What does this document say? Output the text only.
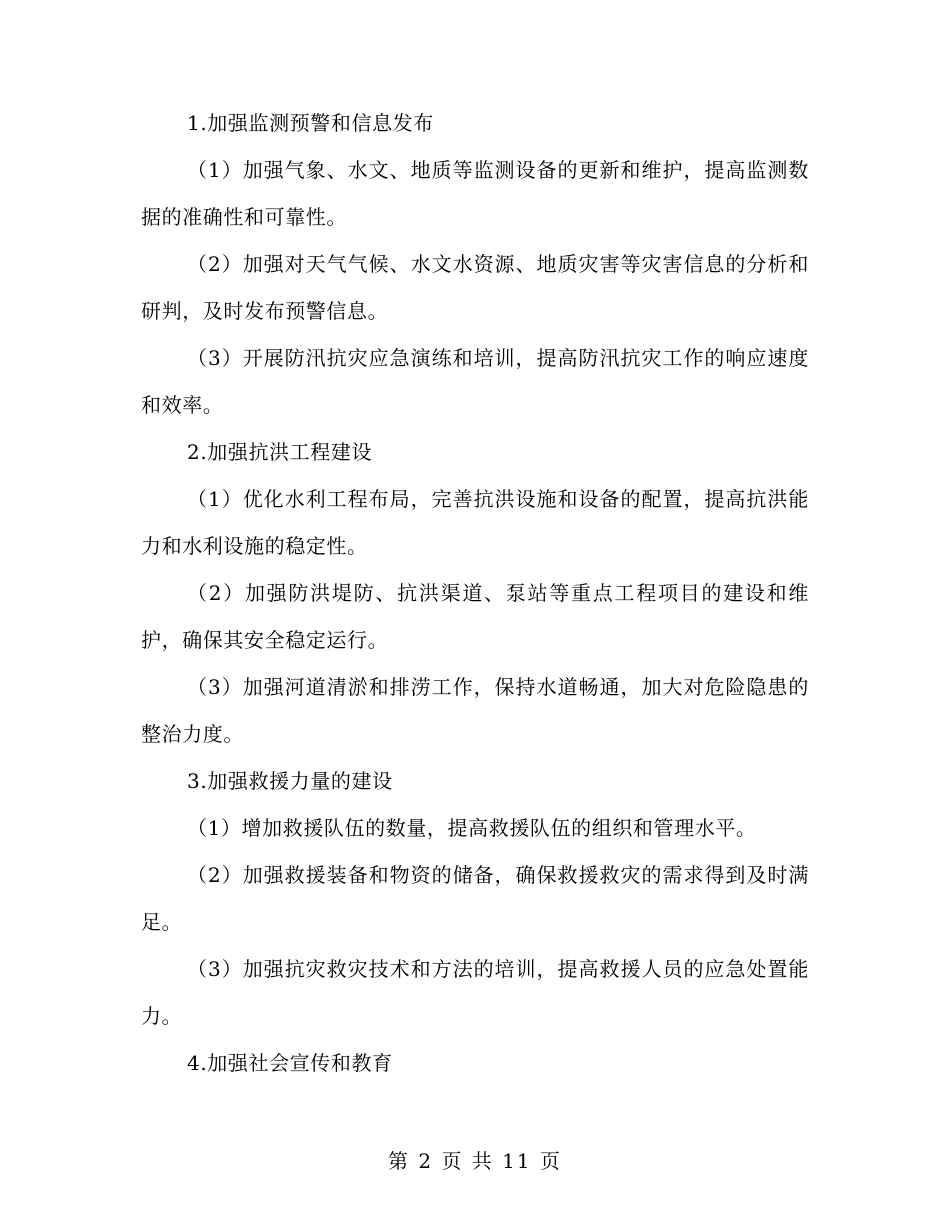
1.加强监测预警和信息发布

（1）加强气象、水文、地质等监测设备的更新和维护，提高监测数据的准确性和可靠性。

（2）加强对天气气候、水文水资源、地质灾害等灾害信息的分析和研判，及时发布预警信息。

（3）开展防汛抗灾应急演练和培训，提高防汛抗灾工作的响应速度和效率。

2.加强抗洪工程建设

（1）优化水利工程布局，完善抗洪设施和设备的配置，提高抗洪能力和水利设施的稳定性。

（2）加强防洪堤防、抗洪渠道、泵站等重点工程项目的建设和维护，确保其安全稳定运行。

（3）加强河道清淤和排涝工作，保持水道畅通，加大对危险隐患的整治力度。

3.加强救援力量的建设

（1）增加救援队伍的数量，提高救援队伍的组织和管理水平。

（2）加强救援装备和物资的储备，确保救援救灾的需求得到及时满足。

（3）加强抗灾救灾技术和方法的培训，提高救援人员的应急处置能力。

4.加强社会宣传和教育

第 2 页 共 11 页
